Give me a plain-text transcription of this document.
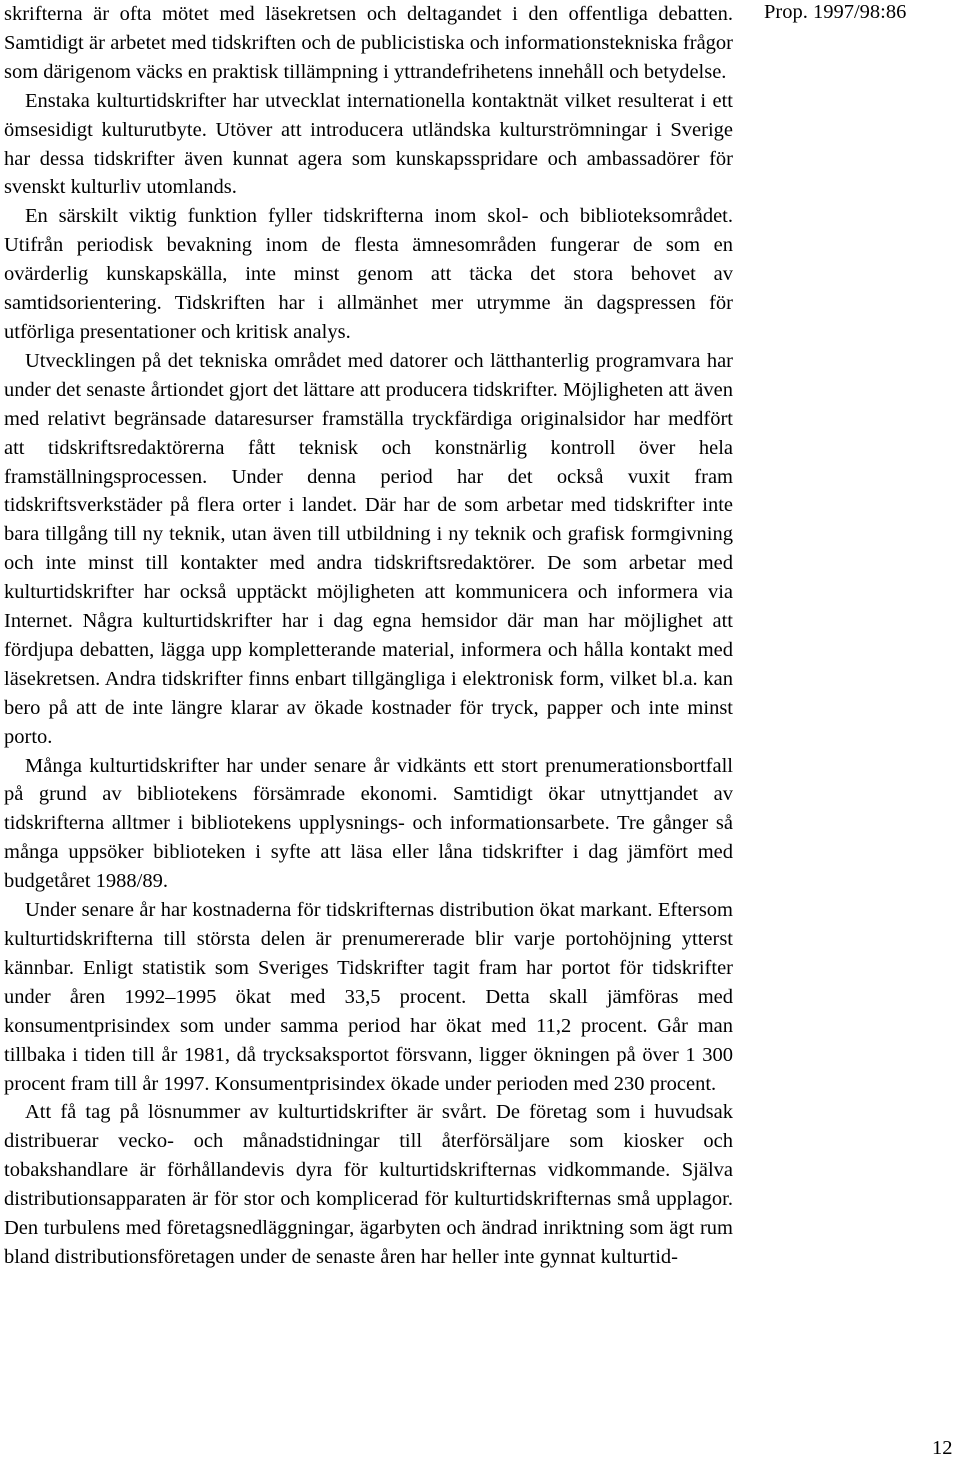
Prop. 1997/98:86

skrifterna är ofta mötet med läsekretsen och deltagandet i den offentliga debatten. Samtidigt är arbetet med tidskriften och de publicistiska och informationstekniska frågor som därigenom väcks en praktisk tillämpning i yttrandefrihetens innehåll och betydelse.

Enstaka kulturtidskrifter har utvecklat internationella kontaktnät vilket resulterat i ett ömsesidigt kulturutbyte. Utöver att introducera utländska kulturströmningar i Sverige har dessa tidskrifter även kunnat agera som kunskapsspridare och ambassadörer för svenskt kulturliv utomlands.

En särskilt viktig funktion fyller tidskrifterna inom skol- och biblioteksområdet. Utifrån periodisk bevakning inom de flesta ämnesområden fungerar de som en ovärderlig kunskapskälla, inte minst genom att täcka det stora behovet av samtidsorientering. Tidskriften har i allmänhet mer utrymme än dagspressen för utförliga presentationer och kritisk analys.

Utvecklingen på det tekniska området med datorer och lätthanterlig programvara har under det senaste årtiondet gjort det lättare att producera tidskrifter. Möjligheten att även med relativt begränsade dataresurser framställa tryckfärdiga originalsidor har medfört att tidskriftsredaktörerna fått teknisk och konstnärlig kontroll över hela framställningsprocessen. Under denna period har det också vuxit fram tidskriftsverkstäder på flera orter i landet. Där har de som arbetar med tidskrifter inte bara tillgång till ny teknik, utan även till utbildning i ny teknik och grafisk formgivning och inte minst till kontakter med andra tidskriftsredaktörer. De som arbetar med kulturtidskrifter har också upptäckt möjligheten att kommunicera och informera via Internet. Några kulturtidskrifter har i dag egna hemsidor där man har möjlighet att fördjupa debatten, lägga upp kompletterande material, informera och hålla kontakt med läsekretsen. Andra tidskrifter finns enbart tillgängliga i elektronisk form, vilket bl.a. kan bero på att de inte längre klarar av ökade kostnader för tryck, papper och inte minst porto.

Många kulturtidskrifter har under senare år vidkänts ett stort prenumerationsbortfall på grund av bibliotekens försämrade ekonomi. Samtidigt ökar utnyttjandet av tidskrifterna alltmer i bibliotekens upplysnings- och informationsarbete. Tre gånger så många uppsöker biblioteken i syfte att läsa eller låna tidskrifter i dag jämfört med budgetåret 1988/89.

Under senare år har kostnaderna för tidskrifternas distribution ökat markant. Eftersom kulturtidskrifterna till största delen är prenumererade blir varje portohöjning ytterst kännbar. Enligt statistik som Sveriges Tidskrifter tagit fram har portot för tidskrifter under åren 1992–1995 ökat med 33,5 procent. Detta skall jämföras med konsumentprisindex som under samma period har ökat med 11,2 procent. Går man tillbaka i tiden till år 1981, då trycksaksportot försvann, ligger ökningen på över 1 300 procent fram till år 1997. Konsumentprisindex ökade under perioden med 230 procent.

Att få tag på lösnummer av kulturtidskrifter är svårt. De företag som i huvudsak distribuerar vecko- och månadstidningar till återförsäljare som kiosker och tobakshandlare är förhållandevis dyra för kulturtidskrifternas vidkommande. Själva distributionsapparaten är för stor och komplicerad för kulturtidskrifternas små upplagor. Den turbulens med företagsnedläggningar, ägarbyten och ändrad inriktning som ägt rum bland distributionsföretagen under de senaste åren har heller inte gynnat kulturtid-

12
